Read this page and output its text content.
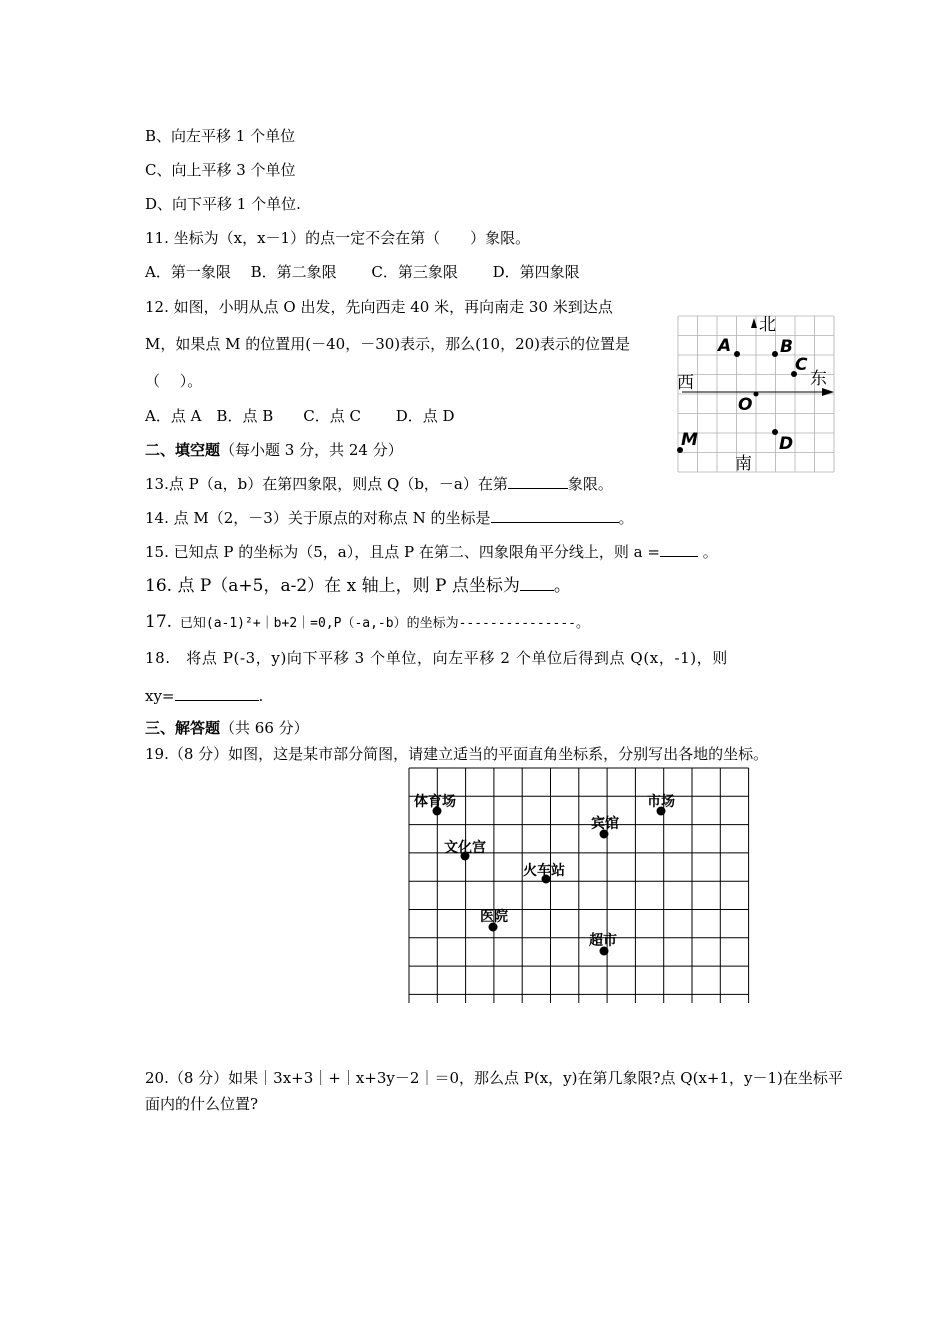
B、向左平移 1 个单位
C、向上平移 3 个单位
D、向下平移 1 个单位.
11. 坐标为（x，x－1）的点一定不会在第（　　）象限。
A．第一象限　 B．第二象限　　 C．第三象限　　 D．第四象限
12. 如图，小明从点 O 出发，先向西走 40 米，再向南走 30 米到达点
M，如果点 M 的位置用(－40，－30)表示，那么(10，20)表示的位置是
（　 ）。
A．点 A　B．点 B　　C．点 C　　 D．点 D
二、填空题（每小题 3 分，共 24 分）
13.点 P（a，b）在第四象限，则点 Q（b，－a）在第	象限。
14. 点 M（2，－3）关于原点的对称点 N 的坐标是	。
15. 已知点 P 的坐标为（5，a），且点 P 在第二、四象限角平分线上，则 a =	。
16. 点 P（a+5，a-2）在 x 轴上，则 P 点坐标为 。
17. 已知(a-1)²+｜b+2｜=0,P（-a,-b）的坐标为---------------。
18.　将点 P(-3，y)向下平移 3 个单位，向左平移 2 个单位后得到点 Q(x，-1)，则
xy=	.
三、解答题（共 66 分）
19.（8 分）如图，这是某市部分简图，请建立适当的平面直角坐标系，分别写出各地的坐标。
20.（8 分）如果｜3x+3｜+｜x+3y－2｜＝0，那么点 P(x，y)在第几象限?点 Q(x+1，y－1)在坐标平
面内的什么位置?
北
南
东
西
O
A	B
C
D
M
体育场	市场
宾馆
文化宫
火车站
医院
超市
